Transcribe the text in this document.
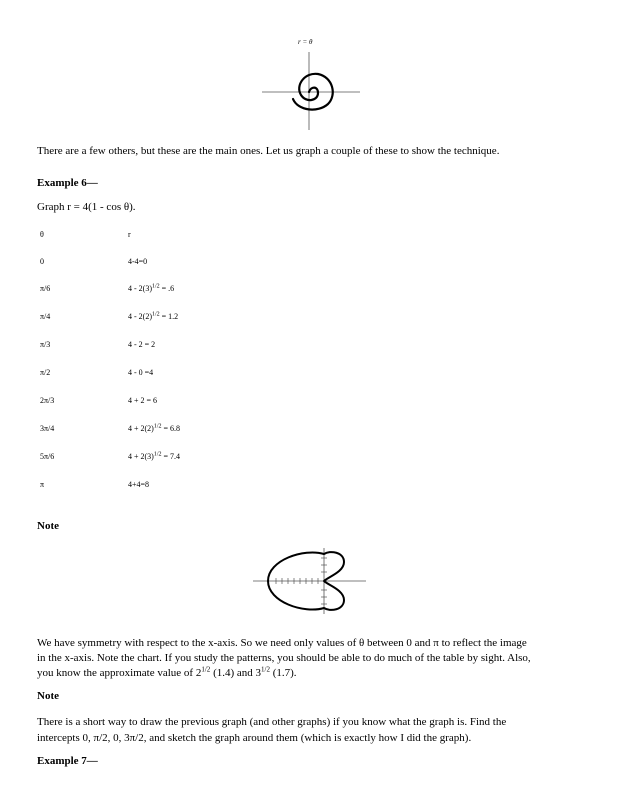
r = θ
There are a few others, but these are the main ones. Let us graph a couple of these to show the technique.
Example 6—
Graph r = 4(1 - cos θ).
θ	r
0	4-4=0
π/6	$4 - 2(3)^{1/2} = .6$
π/4	$4 - 2(2)^{1/2} = 1.2$
π/3	4 - 2 = 2
π/2	4 - 0 =4
2π/3	4 + 2 = 6
3π/4	$4 + 2(2)^{1/2} = 6.8$
5π/6	$4 + 2(3)^{1/2} = 7.4$
π	4+4=8
Note
We have symmetry with respect to the x-axis. So we need only values of θ between 0 and π to reflect the image
in the x-axis. Note the chart. If you study the patterns, you should be able to do much of the table by sight. Also,
you know the approximate value of $2^{1/2}$ (1.4) and $3^{1/2}$ (1.7).
Note
There is a short way to draw the previous graph (and other graphs) if you know what the graph is. Find the
intercepts 0, π/2, 0, 3π/2, and sketch the graph around them (which is exactly how I did the graph).
Example 7—
